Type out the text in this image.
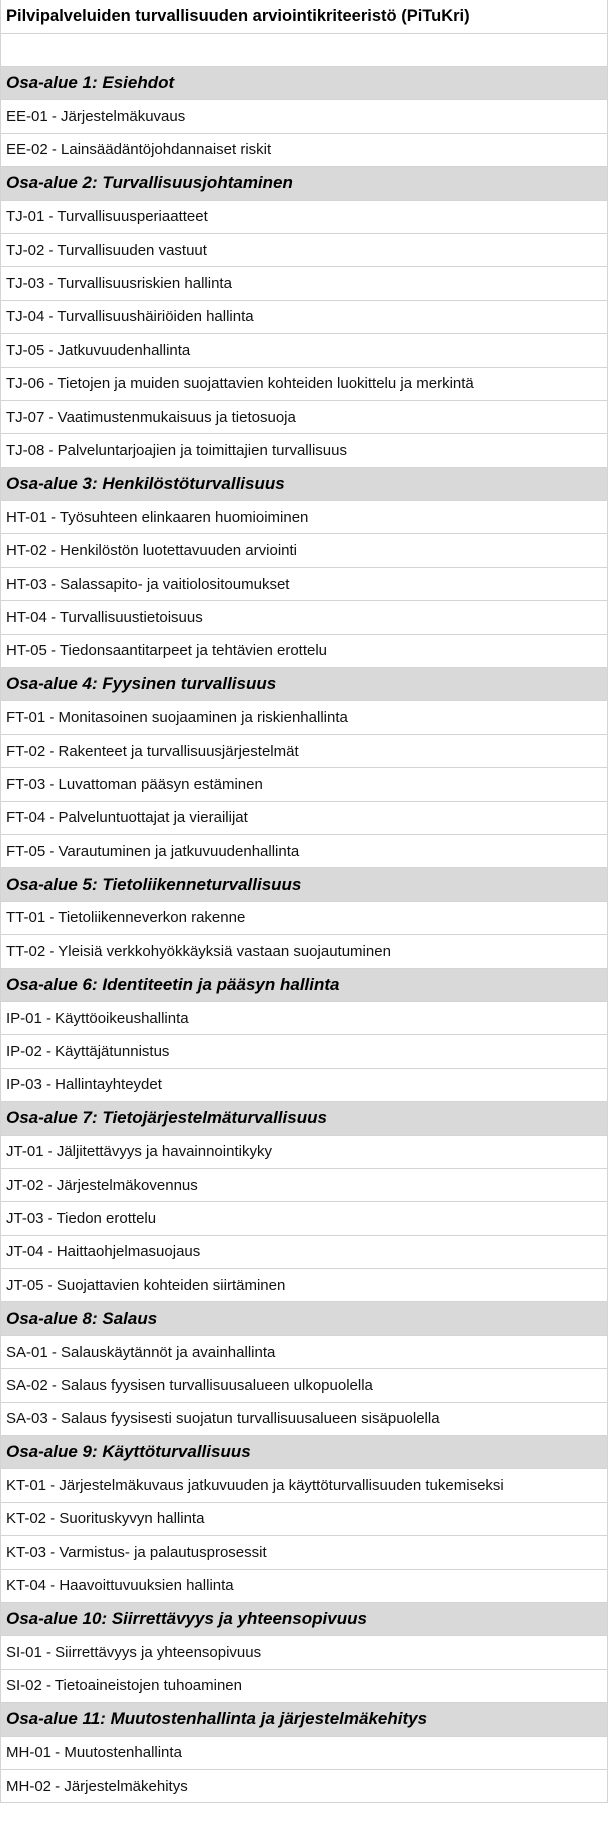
Pilvipalveluiden turvallisuuden arviointikriteeristö (PiTuKri)
Osa-alue 1: Esiehdot
EE-01 - Järjestelmäkuvaus
EE-02 - Lainsäädäntöjohdannaiset riskit
Osa-alue 2: Turvallisuusjohtaminen
TJ-01 - Turvallisuusperiaatteet
TJ-02 - Turvallisuuden vastuut
TJ-03 - Turvallisuusriskien hallinta
TJ-04 - Turvallisuushäiriöiden hallinta
TJ-05 - Jatkuvuudenhallinta
TJ-06 - Tietojen ja muiden suojattavien kohteiden luokittelu ja merkintä
TJ-07 - Vaatimustenmukaisuus ja tietosuoja
TJ-08 - Palveluntarjoajien ja toimittajien turvallisuus
Osa-alue 3: Henkilöstöturvallisuus
HT-01 - Työsuhteen elinkaaren huomioiminen
HT-02 - Henkilöstön luotettavuuden arviointi
HT-03 - Salassapito- ja vaitiolositoumukset
HT-04 - Turvallisuustietoisuus
HT-05 - Tiedonsaantitarpeet ja tehtävien erottelu
Osa-alue 4: Fyysinen turvallisuus
FT-01 - Monitasoinen suojaaminen ja riskienhallinta
FT-02 - Rakenteet ja turvallisuusjärjestelmät
FT-03 - Luvattoman pääsyn estäminen
FT-04 - Palveluntuottajat ja vierailijat
FT-05 - Varautuminen ja jatkuvuudenhallinta
Osa-alue 5: Tietoliikenneturvallisuus
TT-01 - Tietoliikenneverkon rakenne
TT-02 - Yleisiä verkkohyökkäyksiä vastaan suojautuminen
Osa-alue 6: Identiteetin ja pääsyn hallinta
IP-01 - Käyttöoikeushallinta
IP-02 - Käyttäjätunnistus
IP-03 - Hallintayhteydet
Osa-alue 7: Tietojärjestelmäturvallisuus
JT-01 - Jäljitettävyys ja havainnointikyky
JT-02 - Järjestelmäkovennus
JT-03 - Tiedon erottelu
JT-04 - Haittaohjelmasuojaus
JT-05 - Suojattavien kohteiden siirtäminen
Osa-alue 8: Salaus
SA-01 - Salauskäytännöt ja avainhallinta
SA-02 - Salaus fyysisen turvallisuusalueen ulkopuolella
SA-03 - Salaus fyysisesti suojatun turvallisuusalueen sisäpuolella
Osa-alue 9: Käyttöturvallisuus
KT-01 - Järjestelmäkuvaus jatkuvuuden ja käyttöturvallisuuden tukemiseksi
KT-02 - Suorituskyvyn hallinta
KT-03 - Varmistus- ja palautusprosessit
KT-04 - Haavoittuvuuksien hallinta
Osa-alue 10: Siirrettävyys ja yhteensopivuus
SI-01 - Siirrettävyys ja yhteensopivuus
SI-02 - Tietoaineistojen tuhoaminen
Osa-alue 11: Muutostenhallinta ja järjestelmäkehitys
MH-01 - Muutostenhallinta
MH-02 - Järjestelmäkehitys
